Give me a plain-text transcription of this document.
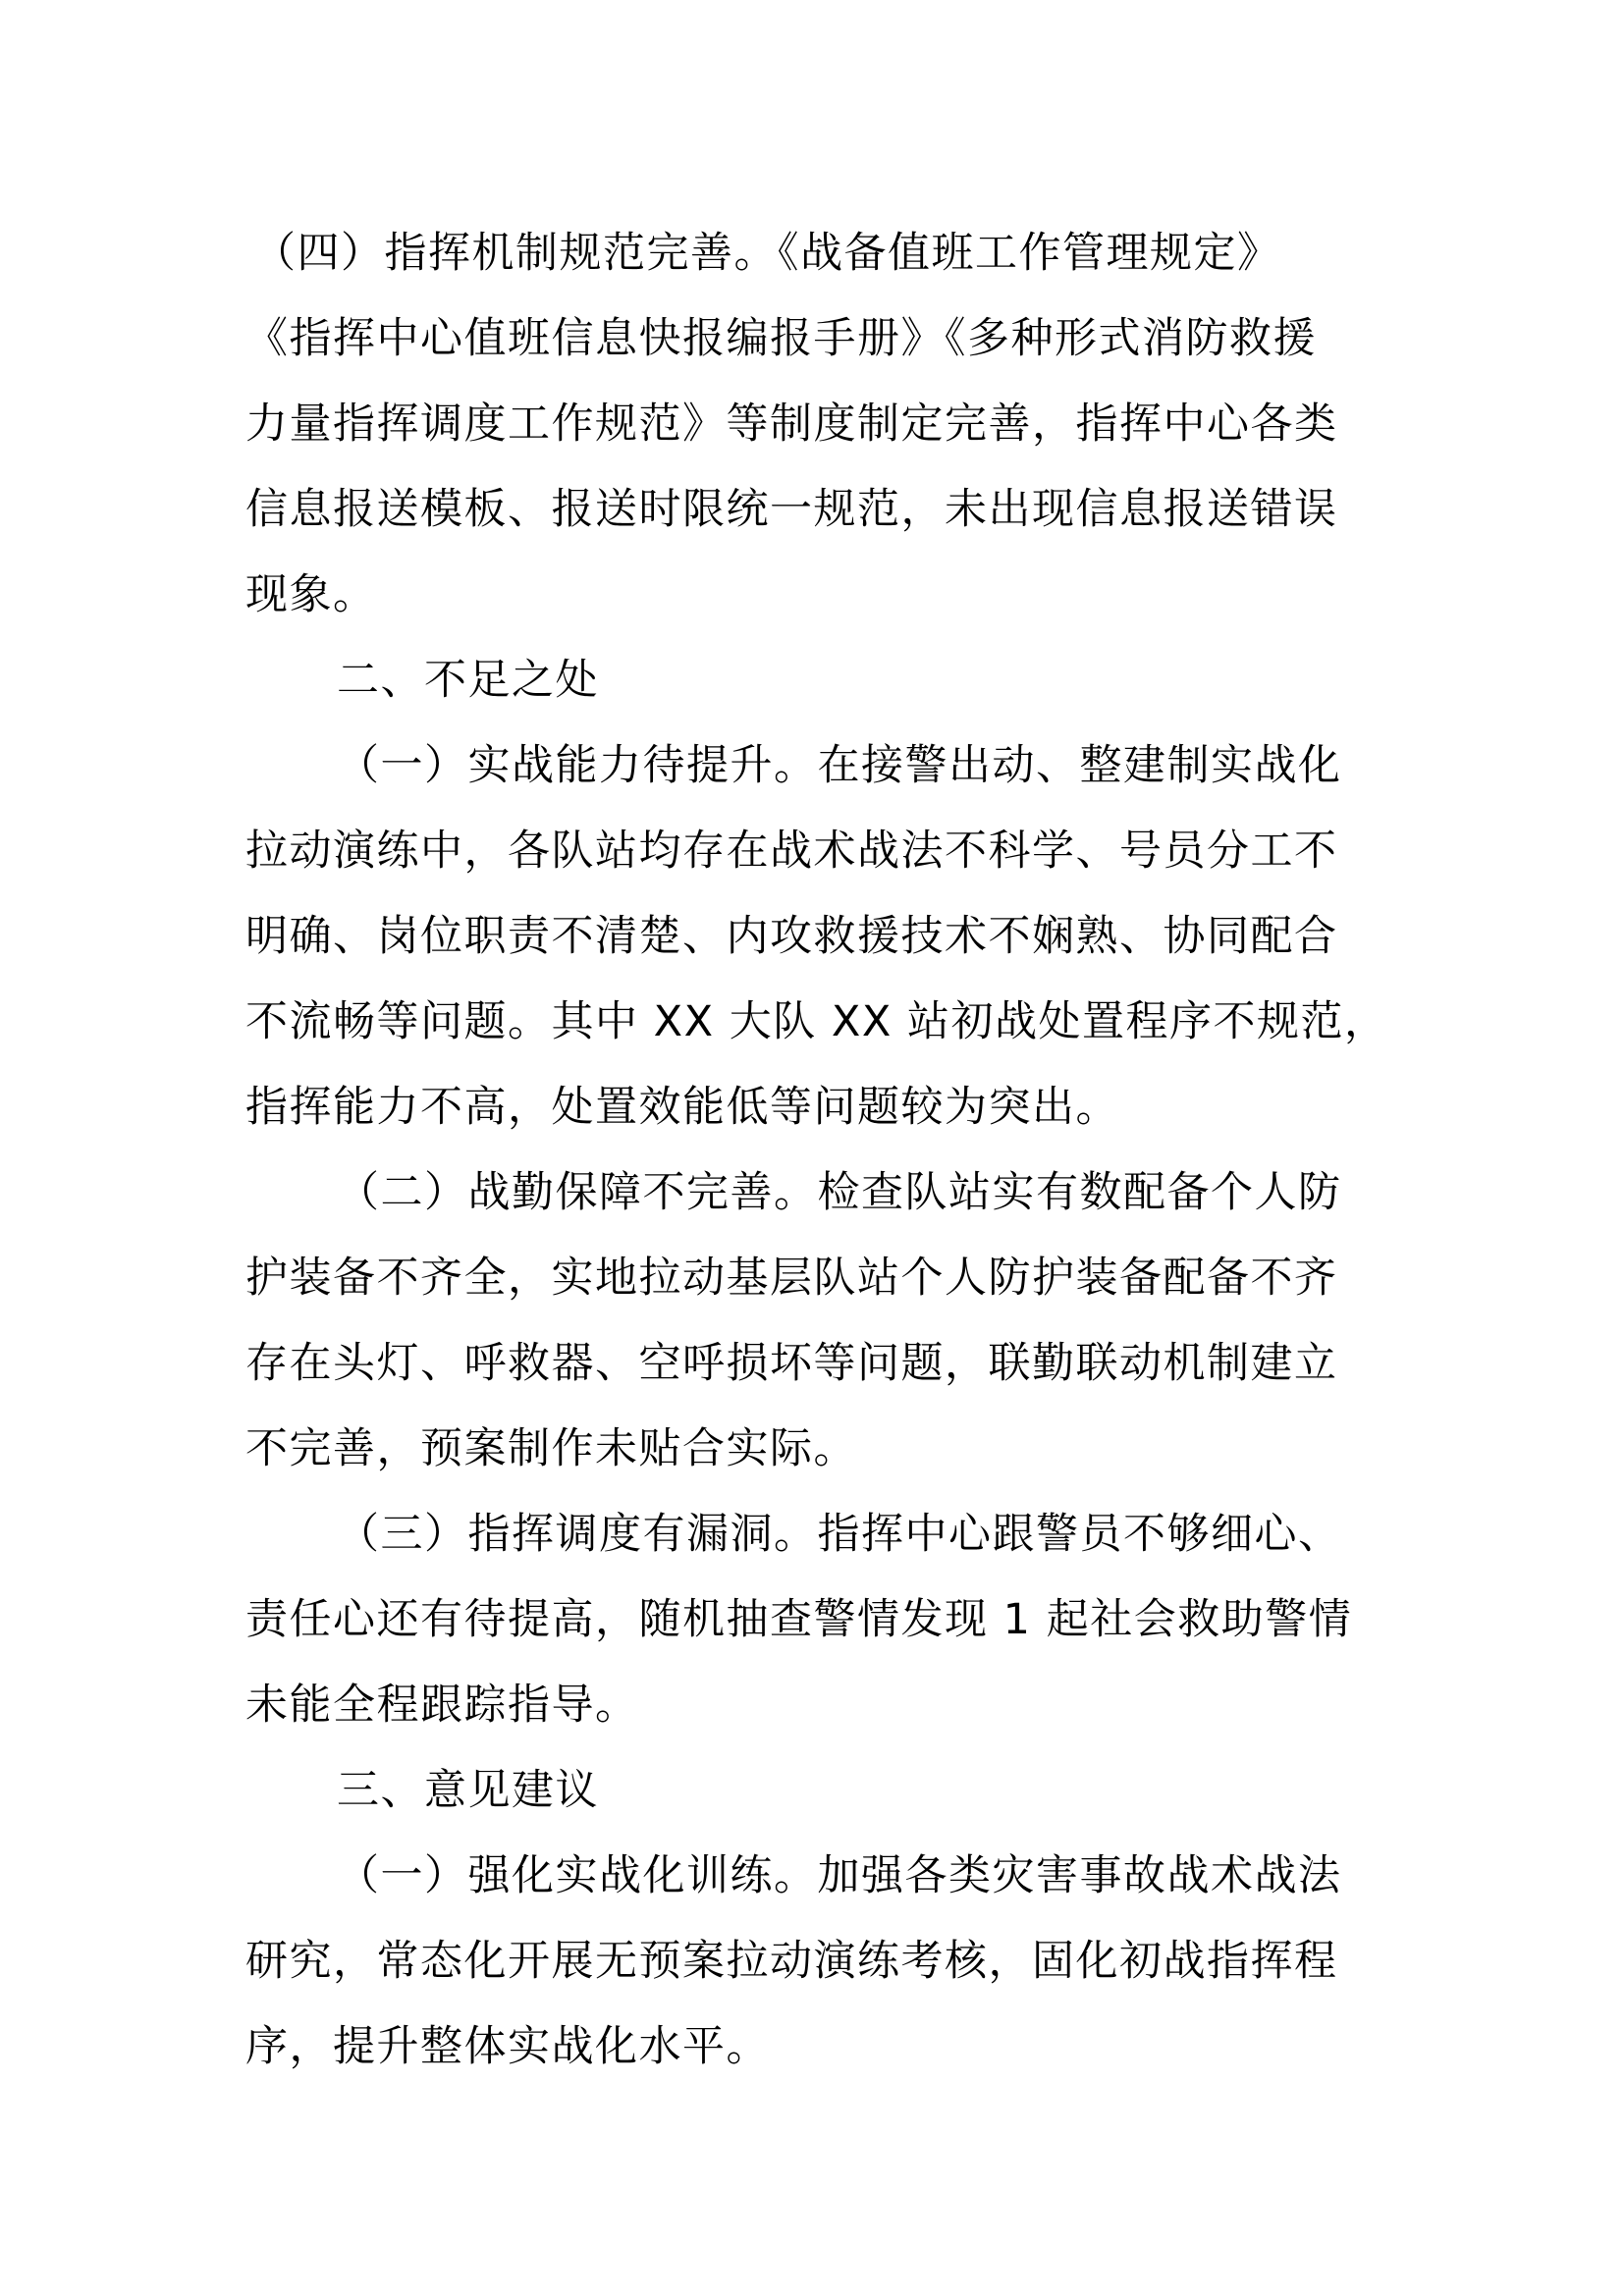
（四）指挥机制规范完善。《战备值班工作管理规定》
《指挥中心值班信息快报编报手册》《多种形式消防救援
力量指挥调度工作规范》等制度制定完善，指挥中心各类
信息报送模板、报送时限统一规范，未出现信息报送错误
现象。
二、不足之处
（一）实战能力待提升。在接警出动、整建制实战化
拉动演练中，各队站均存在战术战法不科学、号员分工不
明确、岗位职责不清楚、内攻救援技术不娴熟、协同配合
不流畅等问题。其中 XX 大队 XX 站初战处置程序不规范，
指挥能力不高，处置效能低等问题较为突出。
（二）战勤保障不完善。检查队站实有数配备个人防
护装备不齐全，实地拉动基层队站个人防护装备配备不齐
存在头灯、呼救器、空呼损坏等问题，联勤联动机制建立
不完善，预案制作未贴合实际。
（三）指挥调度有漏洞。指挥中心跟警员不够细心、
责任心还有待提高，随机抽查警情发现 1 起社会救助警情
未能全程跟踪指导。
三、意见建议
（一）强化实战化训练。加强各类灾害事故战术战法
研究，常态化开展无预案拉动演练考核，固化初战指挥程
序，提升整体实战化水平。
